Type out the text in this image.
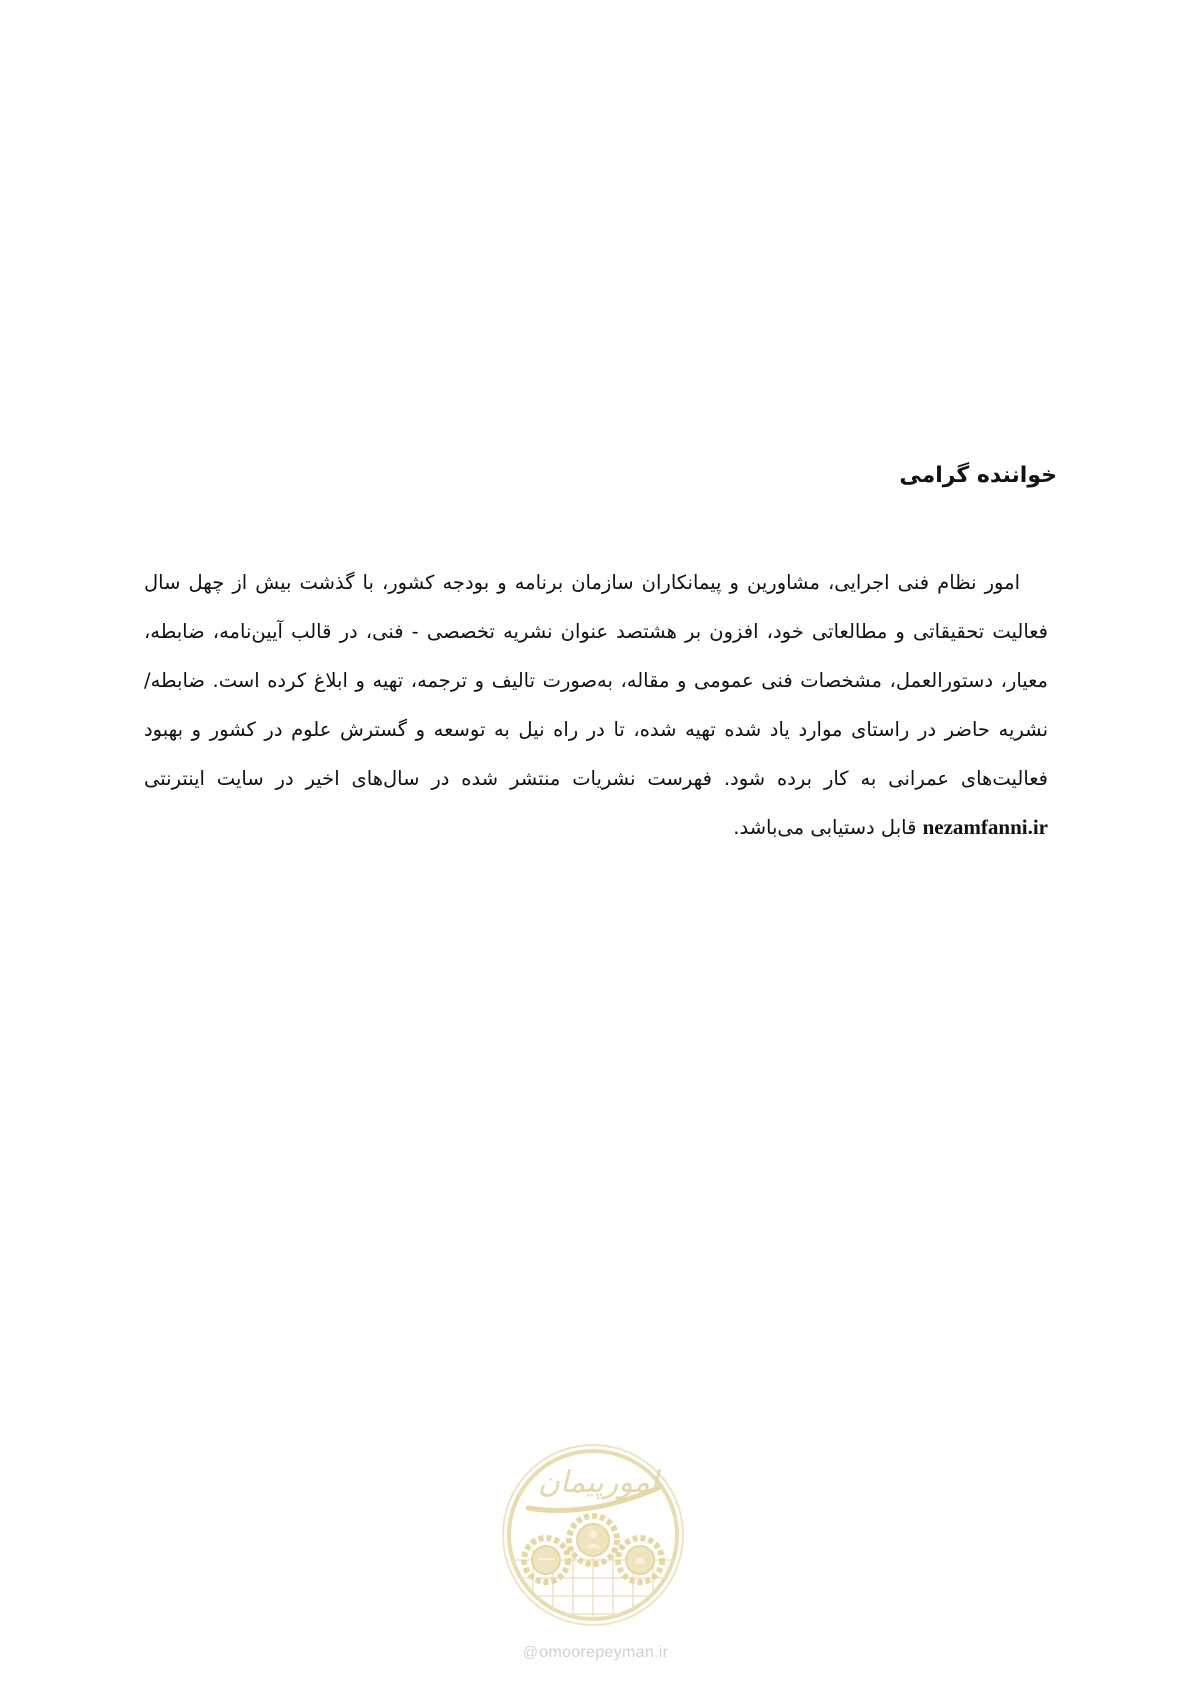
خواننده گرامی

امور نظام فنی اجرایی، مشاورین و پیمانکاران سازمان برنامه و بودجه کشور، با گذشت بیش از چهل سال فعالیت تحقیقاتی و مطالعاتی خود، افزون بر هشتصد عنوان نشریه تخصصی - فنی، در قالب آیین‌نامه، ضابطه، معیار، دستورالعمل، مشخصات فنی عمومی و مقاله، به‌صورت تالیف و ترجمه، تهیه و ابلاغ کرده است. ضابطه/نشریه حاضر در راستای موارد یاد شده تهیه شده، تا در راه نیل به توسعه و گسترش علوم در کشور و بهبود فعالیت‌های عمرانی به کار برده شود. فهرست نشریات منتشر شده در سال‌های اخیر در سایت اینترنتی nezamfanni.ir قابل دستیابی می‌باشد.

امورپیمان
@omoorepeyman.ir
